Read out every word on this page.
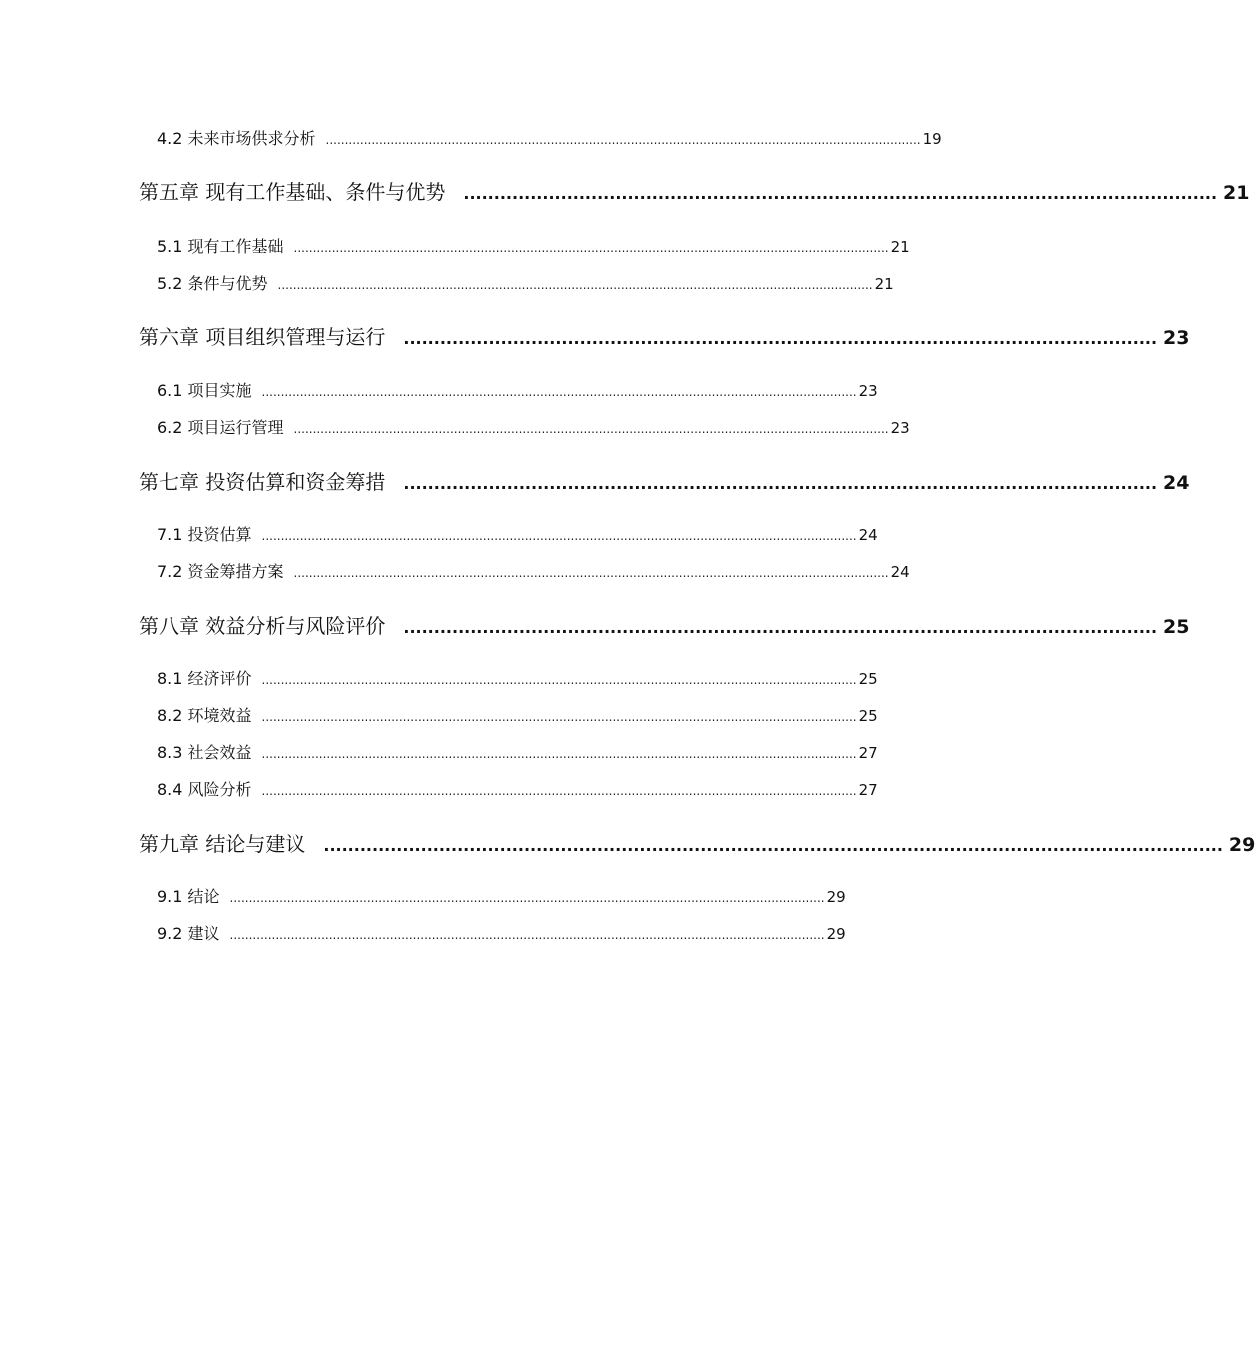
4.2 未来市场供求分析 ............................................................................................................................................................ 19
第五章 现有工作基础、条件与优势 ............................................................................................................................ 21
5.1 现有工作基础 ............................................................................................................................................................ 21
5.2 条件与优势 ............................................................................................................................................................ 21
第六章 项目组织管理与运行 ............................................................................................................................ 23
6.1 项目实施 ............................................................................................................................................................ 23
6.2 项目运行管理 ............................................................................................................................................................ 23
第七章 投资估算和资金筹措 ............................................................................................................................ 24
7.1 投资估算 ............................................................................................................................................................ 24
7.2 资金筹措方案 ............................................................................................................................................................ 24
第八章 效益分析与风险评价 ............................................................................................................................ 25
8.1 经济评价 ............................................................................................................................................................ 25
8.2 环境效益 ............................................................................................................................................................ 25
8.3 社会效益 ............................................................................................................................................................ 27
8.4 风险分析 ............................................................................................................................................................ 27
第九章 结论与建议 .................................................................................................................................................... 29
9.1 结论 ............................................................................................................................................................ 29
9.2 建议 ............................................................................................................................................................ 29
